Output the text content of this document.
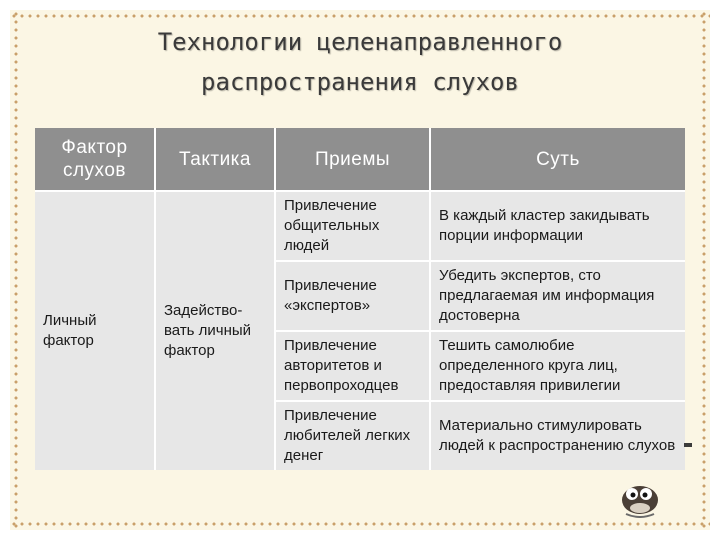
Технологии целенаправленного
распространения слухов
Фактор слухов	Тактика	Приемы	Суть
Личный фактор	Задейство-вать личный фактор	Привлечение общительных людей	В каждый кластер закидывать порции информации
		Привлечение «экспертов»	Убедить экспертов, сто предлагаемая им информация достоверна
		Привлечение авторитетов и первопроходцев	Тешить самолюбие определенного круга лиц, предоставляя привилегии
		Привлечение любителей легких денег	Материально стимулировать людей к распространению слухов
